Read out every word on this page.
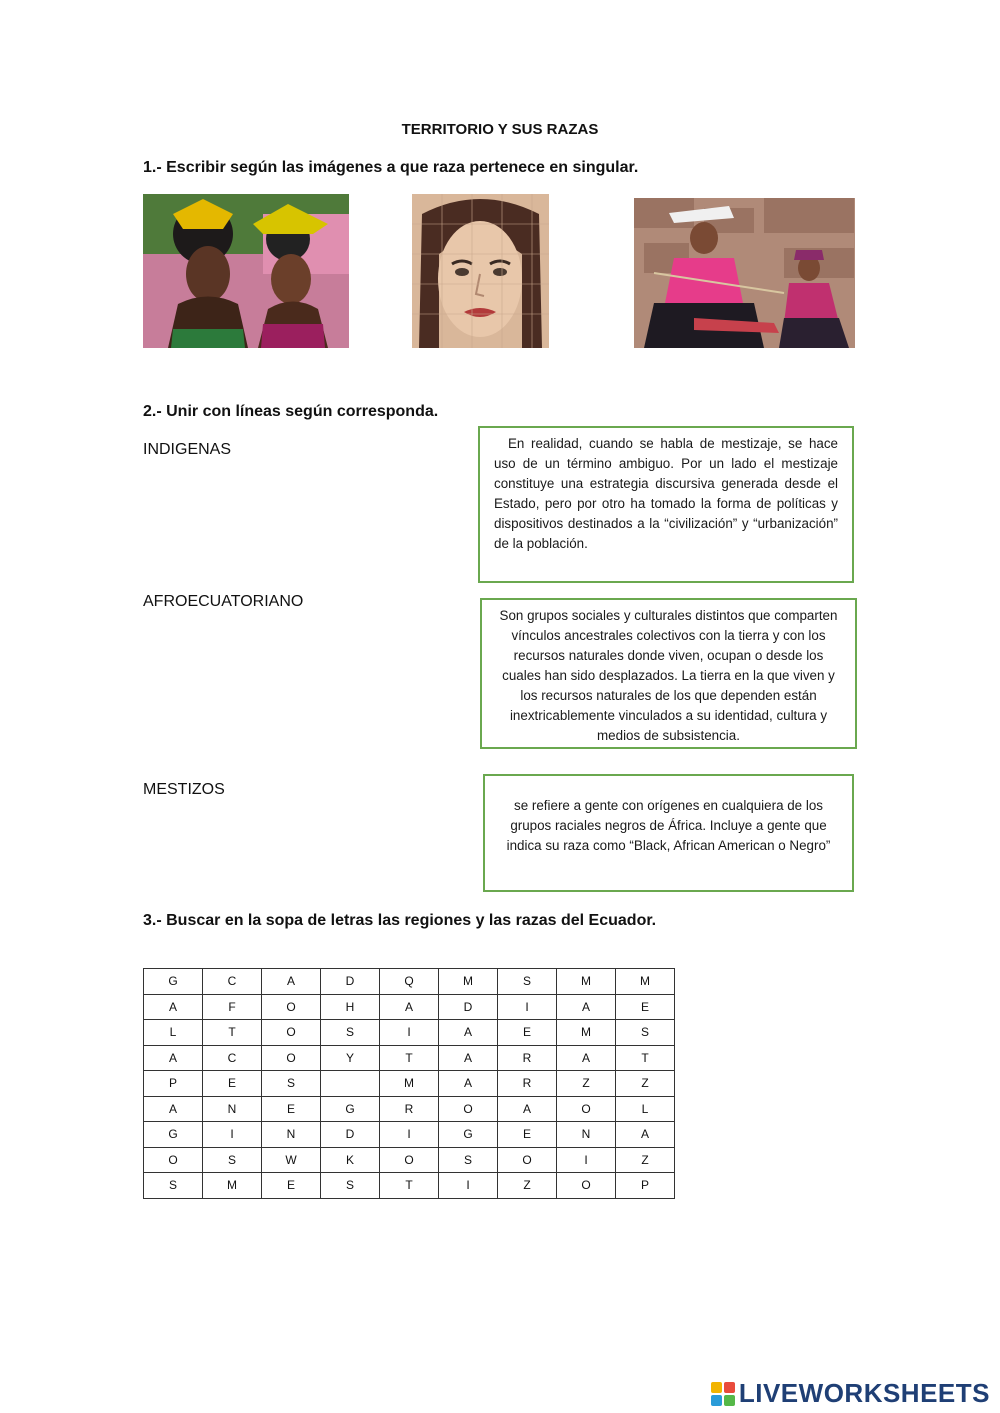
TERRITORIO Y SUS RAZAS
1.- Escribir según las imágenes a que raza pertenece en singular.
2.- Unir con líneas según corresponda.
INDIGENAS
AFROECUATORIANO
MESTIZOS
En realidad, cuando se habla de mestizaje, se hace uso de un término ambiguo. Por un lado el mestizaje constituye una estrategia discursiva generada desde el Estado, pero por otro ha tomado la forma de políticas y dispositivos destinados a la “civilización” y “urbanización” de la población.
Son grupos sociales y culturales distintos que comparten vínculos ancestrales colectivos con la tierra y con los recursos naturales donde viven, ocupan o desde los cuales han sido desplazados. La tierra en la que viven y los recursos naturales de los que dependen están inextricablemente vinculados a su identidad, cultura y medios de subsistencia.
se refiere a gente con orígenes en cualquiera de los grupos raciales negros de África. Incluye a gente que indica su raza como “Black, African American o Negro”
3.- Buscar en la sopa de letras las regiones y las razas del Ecuador.
G	C	A	D	Q	M	S	M	M
A	F	O	H	A	D	I	A	E
L	T	O	S	I	A	E	M	S
A	C	O	Y	T	A	R	A	T
P	E	S		M	A	R	Z	Z
A	N	E	G	R	O	A	O	L
G	I	N	D	I	G	E	N	A
O	S	W	K	O	S	O	I	Z
S	M	E	S	T	I	Z	O	P
LIVEWORKSHEETS
